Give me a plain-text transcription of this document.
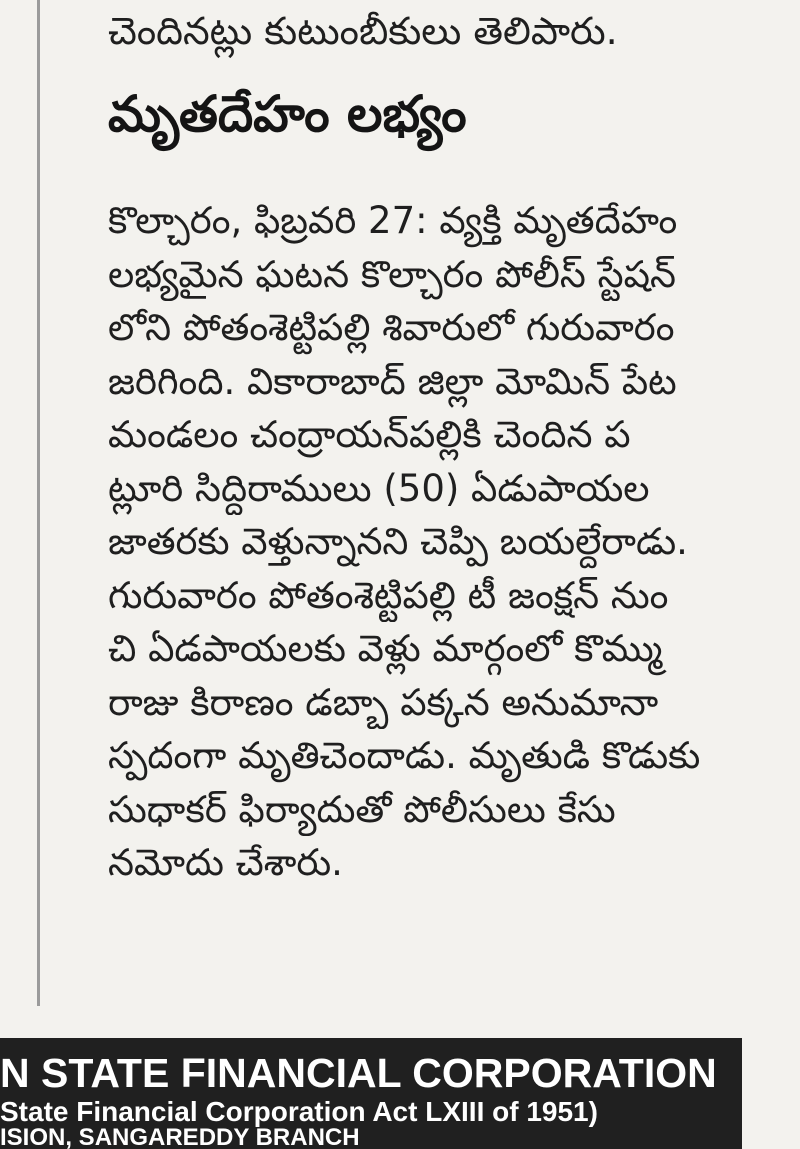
చెందినట్లు కుటుంబీకులు తెలిపారు.
మృతదేహం లభ్యం
కొల్చారం, ఫిబ్రవరి 27: వ్యక్తి మృతదేహం
లభ్యమైన ఘటన కొల్చారం పోలీస్ స్టేషన్
లోని పోతంశెట్టిపల్లి శివారులో గురువారం
జరిగింది. వికారాబాద్ జిల్లా మోమిన్ పేట
మండలం చంద్రాయన్‌పల్లికి చెందిన ప
ట్లూరి సిద్దిరాములు (50) ఏడుపాయల
జాతరకు వెళ్తున్నానని చెప్పి బయల్దేరాడు.
గురువారం పోతంశెట్టిపల్లి టీ జంక్షన్ నుం
చి ఏడపాయలకు వెళ్లు మార్గంలో కొమ్ము
రాజు కిరాణం డబ్బా పక్కన అనుమానా
స్పదంగా మృతిచెందాడు. మృతుడి కొడుకు
సుధాకర్ ఫిర్యాదుతో పోలీసులు కేసు
నమోదు చేశారు.
N STATE FINANCIAL CORPORATION
State Financial Corporation Act LXIII of 1951)
ISION, SANGAREDDY BRANCH
